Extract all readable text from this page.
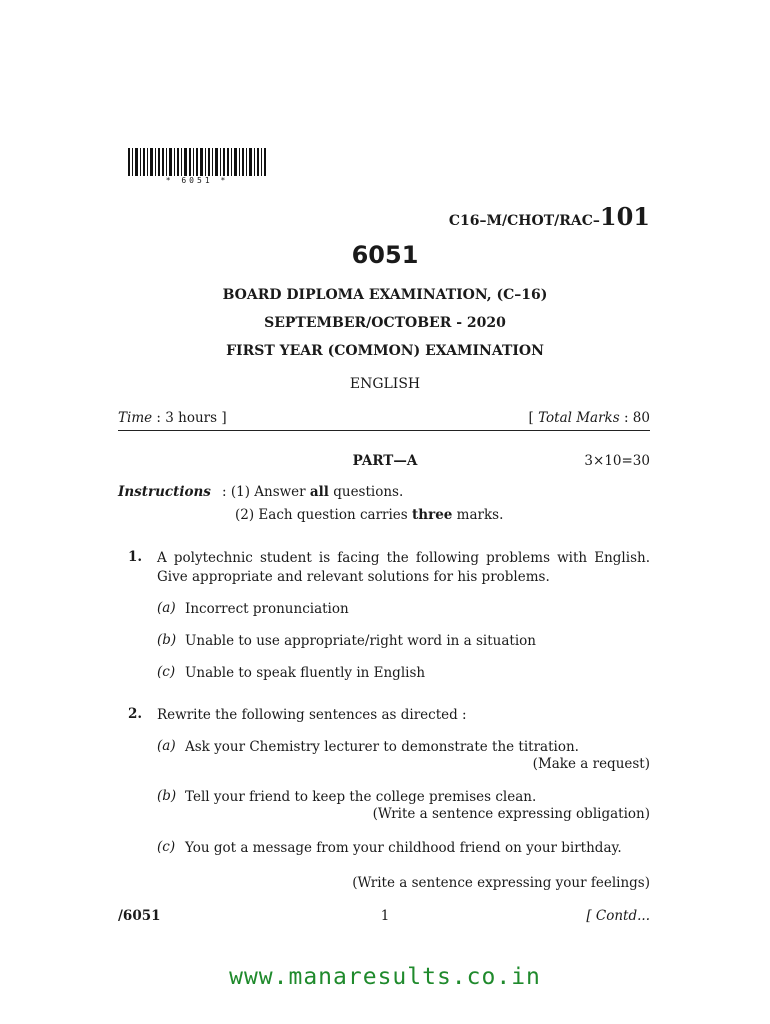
* 6051 *
C16–M/CHOT/RAC–101
6051
BOARD DIPLOMA EXAMINATION, (C–16)
SEPTEMBER/OCTOBER - 2020
FIRST YEAR (COMMON) EXAMINATION
ENGLISH
Time : 3 hours ]	[ Total Marks : 80
PART—A	3×10=30
Instructions : (1) Answer all questions.
(2) Each question carries three marks.
1. A polytechnic student is facing the following problems with English. Give appropriate and relevant solutions for his problems.
(a) Incorrect pronunciation
(b) Unable to use appropriate/right word in a situation
(c) Unable to speak fluently in English
2. Rewrite the following sentences as directed :
(a) Ask your Chemistry lecturer to demonstrate the titration.
(Make a request)
(b) Tell your friend to keep the college premises clean.
(Write a sentence expressing obligation)
(c) You got a message from your childhood friend on your birthday.
(Write a sentence expressing your feelings)
/6051	1	[ Contd...
www.manaresults.co.in
